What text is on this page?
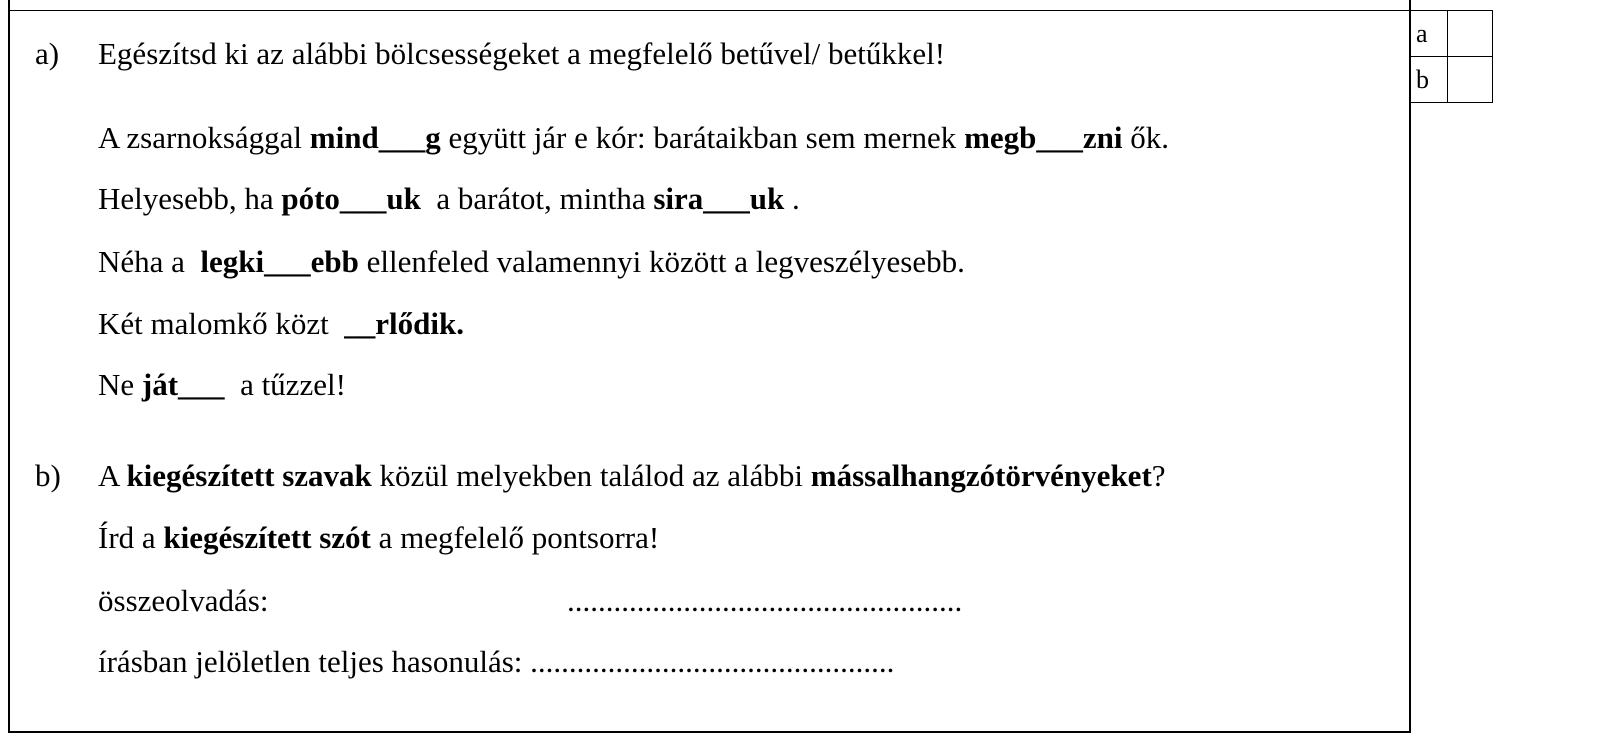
a	
b	
a) Egészítsd ki az alábbi bölcsességeket a megfelelő betűvel/ betűkkel!
A zsarnoksággal mind___g együtt jár e kór: barátaikban sem mernek megb___zni ők.
Helyesebb, ha póto___uk  a barátot, mintha sira___uk .
Néha a  legki___ebb ellenfeled valamennyi között a legveszélyesebb.
Két malomkő közt  __rlődik.
Ne ját___  a tűzzel!
b) A kiegészített szavak közül melyekben találod az alábbi mássalhangzótörvényeket?
Írd a kiegészített szót a megfelelő pontsorra!
összeolvadás:	...................................................
írásban jelöletlen teljes hasonulás: ...............................................
